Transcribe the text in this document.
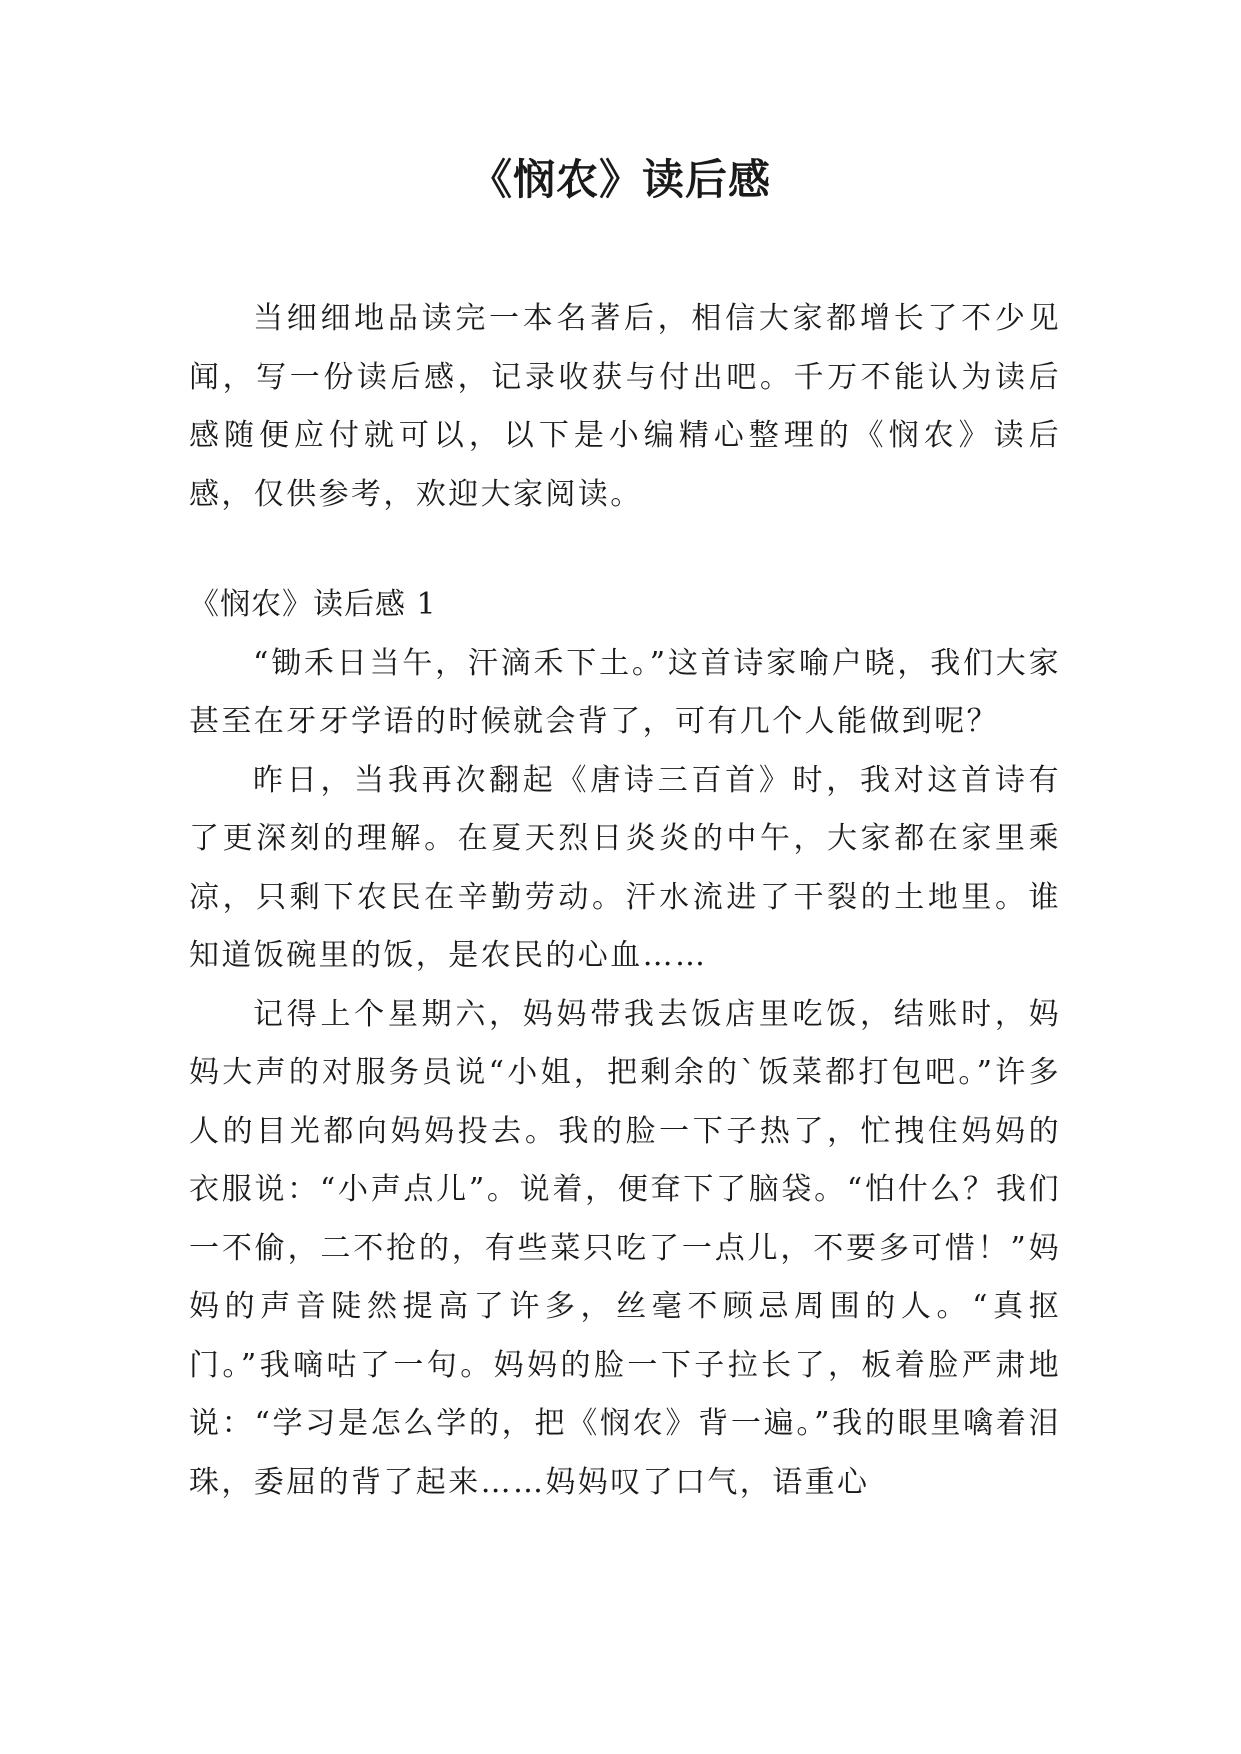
《悯农》读后感

当细细地品读完一本名著后，相信大家都增长了不少见闻，写一份读后感，记录收获与付出吧。千万不能认为读后感随便应付就可以，以下是小编精心整理的《悯农》读后感，仅供参考，欢迎大家阅读。

《悯农》读后感 1

“锄禾日当午，汗滴禾下土。”这首诗家喻户晓，我们大家甚至在牙牙学语的时候就会背了，可有几个人能做到呢？

昨日，当我再次翻起《唐诗三百首》时，我对这首诗有了更深刻的理解。在夏天烈日炎炎的中午，大家都在家里乘凉，只剩下农民在辛勤劳动。汗水流进了干裂的土地里。谁知道饭碗里的饭，是农民的心血……

记得上个星期六，妈妈带我去饭店里吃饭，结账时，妈妈大声的对服务员说“小姐，把剩余的`饭菜都打包吧。”许多人的目光都向妈妈投去。我的脸一下子热了，忙拽住妈妈的衣服说：“小声点儿”。说着，便耷下了脑袋。“怕什么？我们一不偷，二不抢的，有些菜只吃了一点儿，不要多可惜！”妈妈的声音陡然提高了许多，丝毫不顾忌周围的人。“真抠门。”我嘀咕了一句。妈妈的脸一下子拉长了，板着脸严肃地说：“学习是怎么学的，把《悯农》背一遍。”我的眼里噙着泪珠，委屈的背了起来……妈妈叹了口气，语重心
